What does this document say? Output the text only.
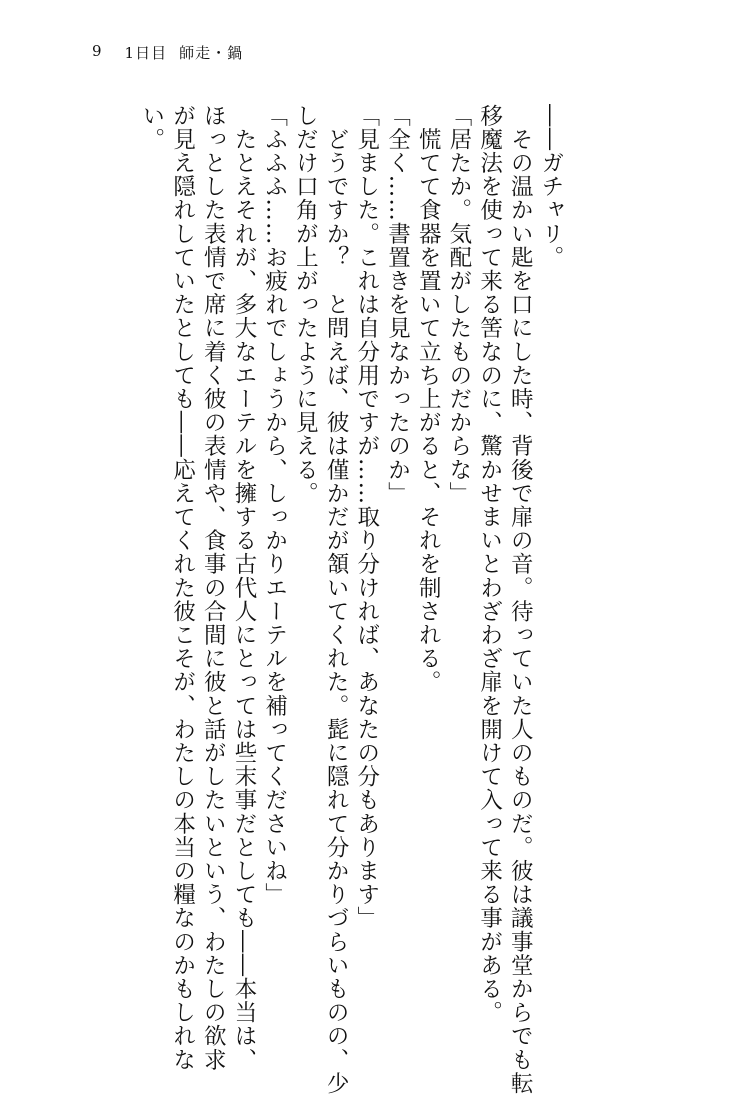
9 1日目 師走・鍋
――ガチャリ。
　その温かい匙を口にした時、背後で扉の音。待っていた人のものだ。彼は議事堂からでも転
移魔法を使って来る筈なのに、驚かせまいとわざわざ扉を開けて入って来る事がある。
「居たか。気配がしたものだからな」
　慌てて食器を置いて立ち上がると、それを制される。
「全く……書置きを見なかったのか」
「見ました。これは自分用ですが……取り分ければ、あなたの分もあります」
　どうですか？　と問えば、彼は僅かだが頷いてくれた。髭に隠れて分かりづらいものの、少
しだけ口角が上がったように見える。
「ふふふ……お疲れでしょうから、しっかりエーテルを補ってくださいね」
　たとえそれが、多大なエーテルを擁する古代人にとっては些末事だとしても――本当は、
ほっとした表情で席に着く彼の表情や、食事の合間に彼と話がしたいという、わたしの欲求
が見え隠れしていたとしても――応えてくれた彼こそが、わたしの本当の糧なのかもしれな
い。
